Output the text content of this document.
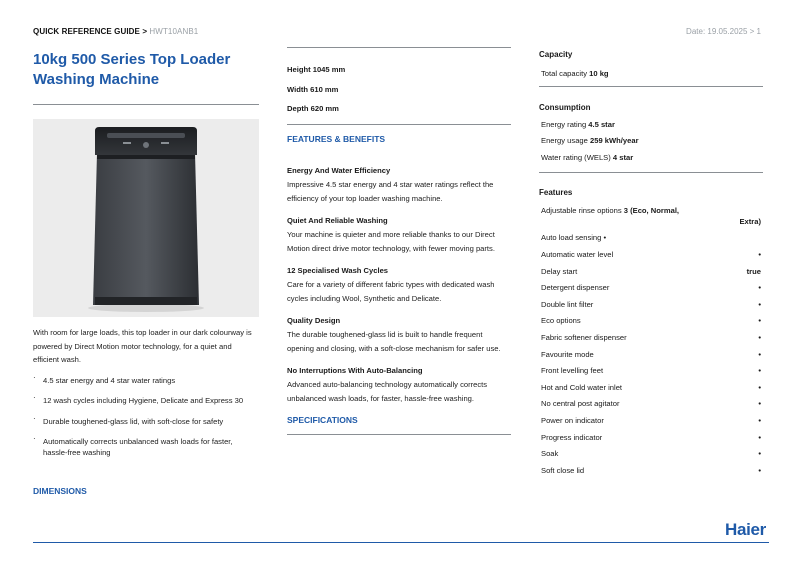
QUICK REFERENCE GUIDE > HWT10ANB1	Date: 19.05.2025 > 1
10kg 500 Series Top Loader
Washing Machine

With room for large loads, this top loader in our dark colourway is powered by Direct Motion motor technology, for a quiet and efficient wash.

· 4.5 star energy and 4 star water ratings
· 12 wash cycles including Hygiene, Delicate and Express 30
· Durable toughened-glass lid, with soft-close for safety
· Automatically corrects unbalanced wash loads for faster, hassle-free washing
DIMENSIONS
Height 1045 mm
Width 610 mm
Depth 620 mm
FEATURES & BENEFITS
Energy And Water Efficiency

Impressive 4.5 star energy and 4 star water ratings reflect the efficiency of your top loader washing machine.

Quiet And Reliable Washing

Your machine is quieter and more reliable thanks to our Direct Motion direct drive motor technology, with fewer moving parts.

12 Specialised Wash Cycles

Care for a variety of different fabric types with dedicated wash cycles including Wool, Synthetic and Delicate.

Quality Design

The durable toughened-glass lid is built to handle frequent opening and closing, with a soft-close mechanism for safer use.

No Interruptions With Auto-Balancing

Advanced auto-balancing technology automatically corrects unbalanced wash loads, for faster, hassle-free washing.

SPECIFICATIONS
Capacity
Total capacity 10 kg
Consumption
Energy rating 4.5 star
Energy usage 259 kWh/year
Water rating (WELS) 4 star
Features
Adjustable rinse options 3 (Eco, Normal,
Extra)
Auto load sensing •
Automatic water level	•
Delay start	true
Detergent dispenser	•
Double lint filter	•
Eco options	•
Fabric softener dispenser	•
Favourite mode	•
Front levelling feet	•
Hot and Cold water inlet	•
No central post agitator	•
Power on indicator	•
Progress indicator	•
Soak	•
Soft close lid	•
Haier
